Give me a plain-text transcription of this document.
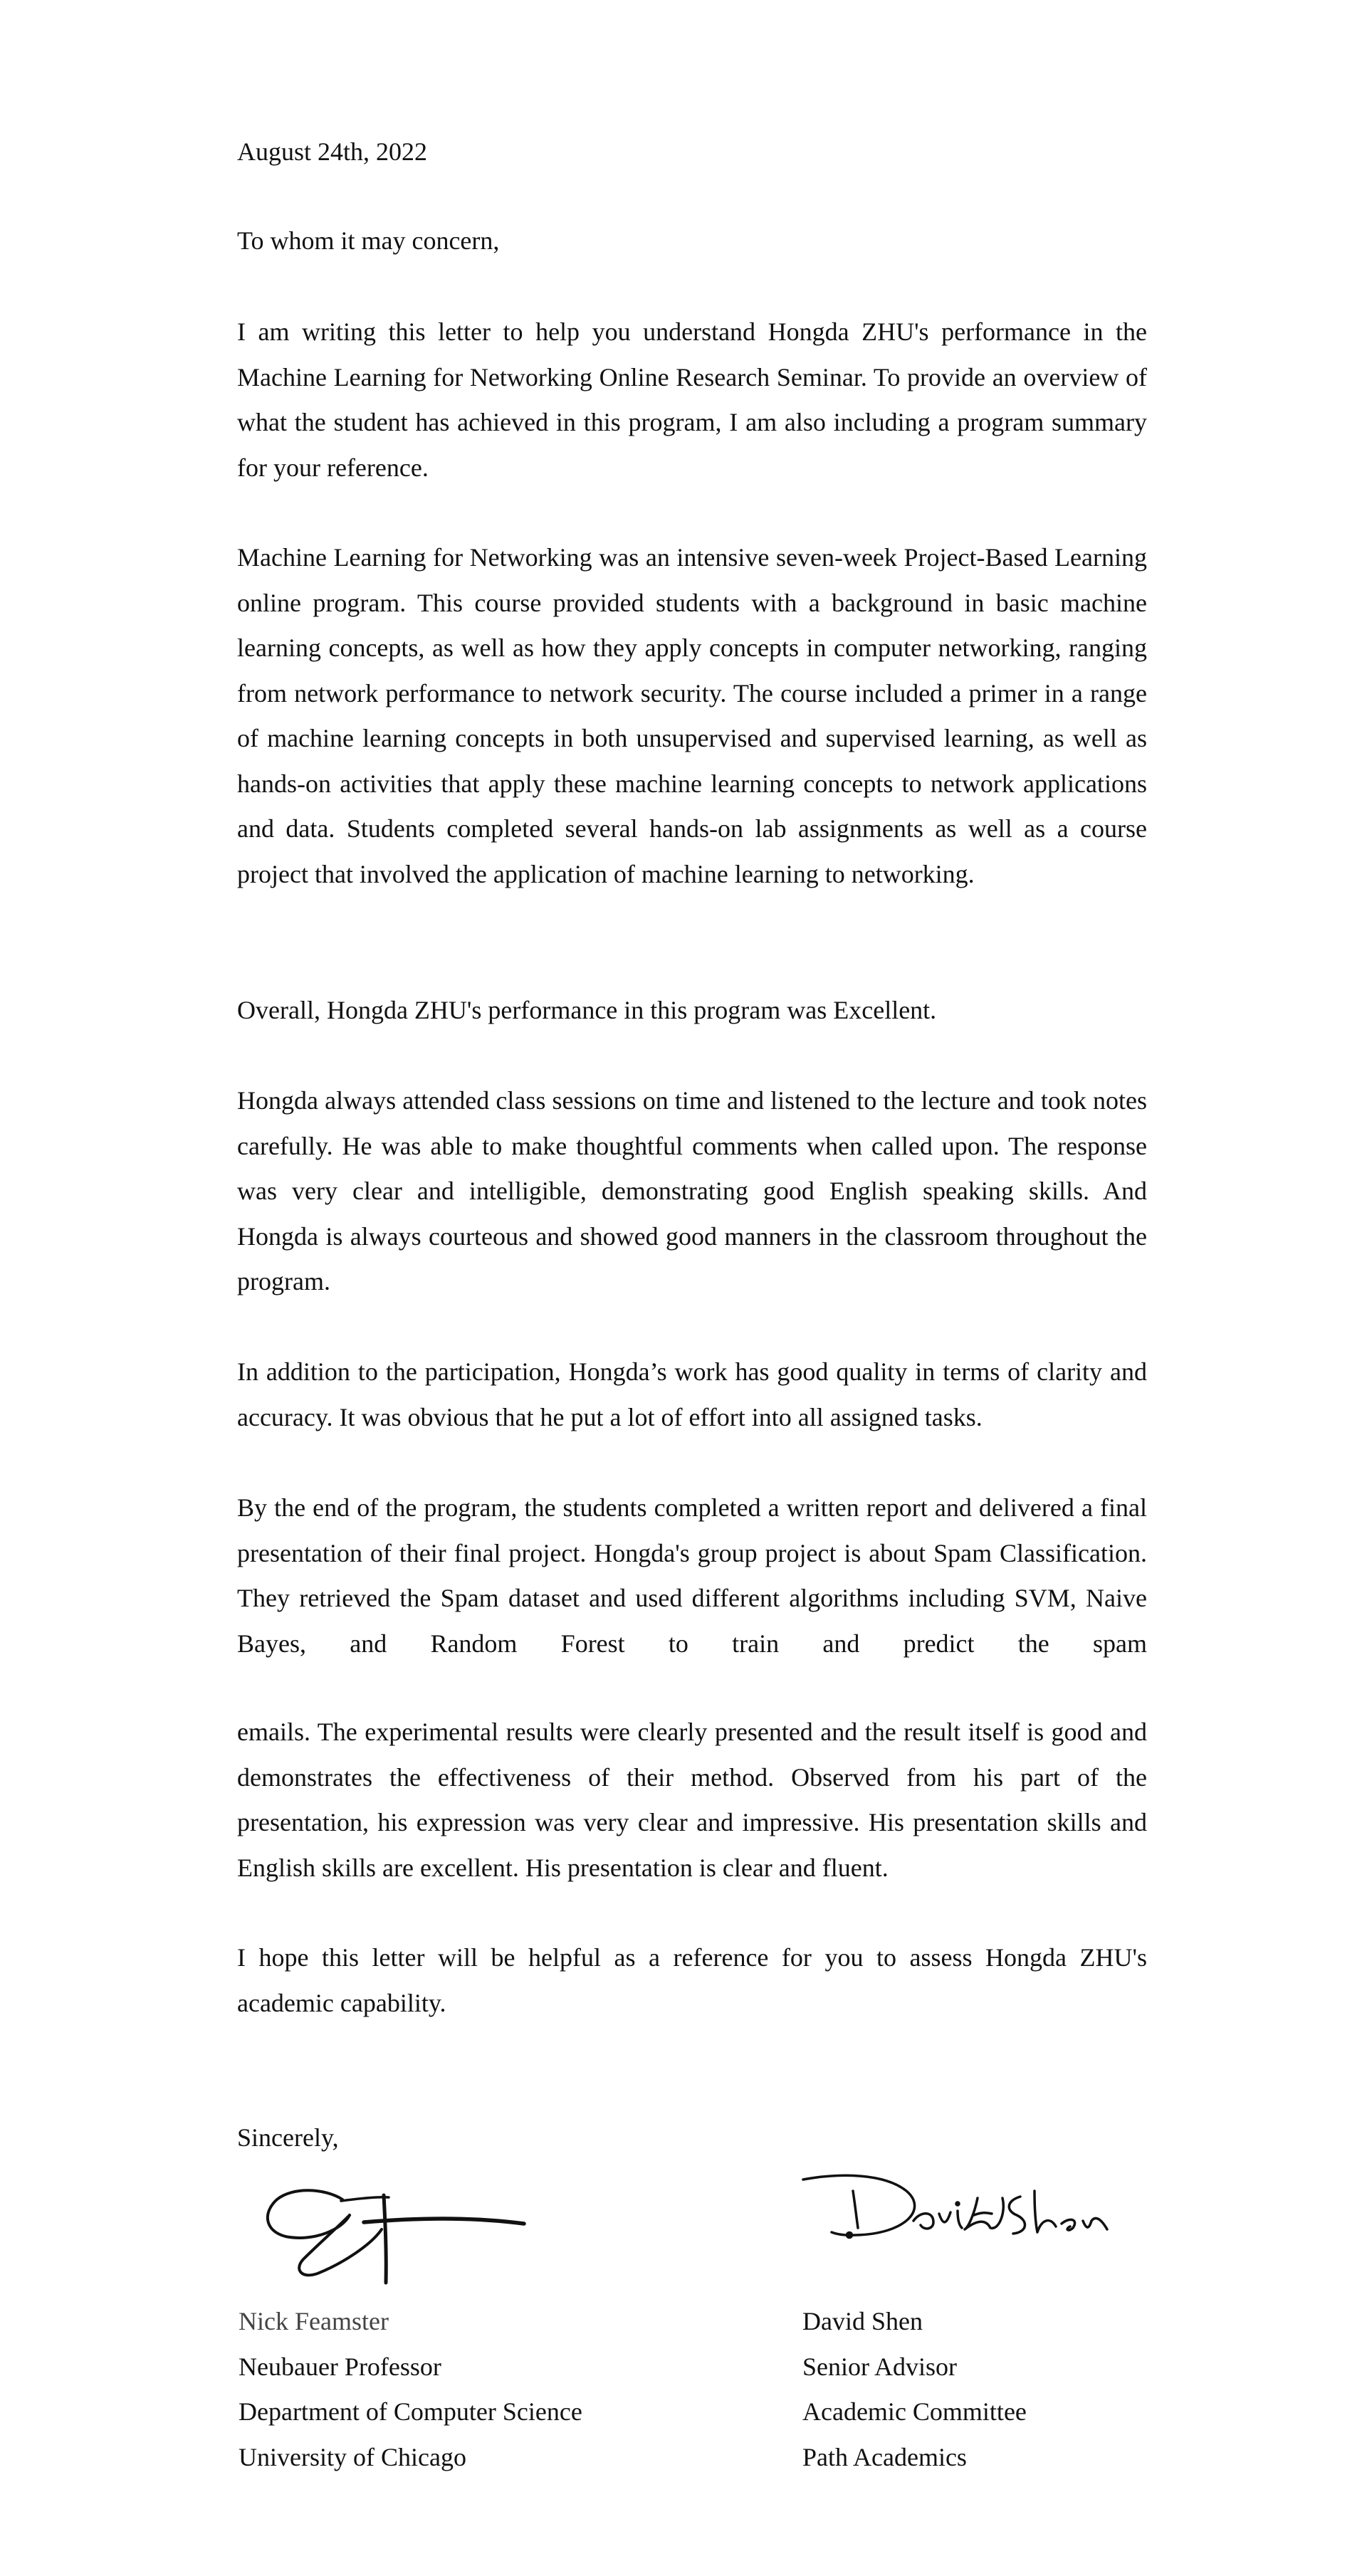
August 24th, 2022

To whom it may concern,

I am writing this letter to help you understand Hongda ZHU's performance in the Machine Learning for Networking Online Research Seminar. To provide an overview of what the student has achieved in this program, I am also including a program summary for your reference.

Machine Learning for Networking was an intensive seven-week Project-Based Learning online program. This course provided students with a background in basic machine learning concepts, as well as how they apply concepts in computer networking, ranging from network performance to network security. The course included a primer in a range of machine learning concepts in both unsupervised and supervised learning, as well as hands-on activities that apply these machine learning concepts to network applications and data. Students completed several hands-on lab assignments as well as a course project that involved the application of machine learning to networking.

Overall, Hongda ZHU's performance in this program was Excellent.

Hongda always attended class sessions on time and listened to the lecture and took notes carefully. He was able to make thoughtful comments when called upon. The response was very clear and intelligible, demonstrating good English speaking skills. And Hongda is always courteous and showed good manners in the classroom throughout the program.

In addition to the participation, Hongda’s work has good quality in terms of clarity and accuracy. It was obvious that he put a lot of effort into all assigned tasks.

By the end of the program, the students completed a written report and delivered a final presentation of their final project. Hongda's group project is about Spam Classification. They retrieved the Spam dataset and used different algorithms including SVM, Naive Bayes, and Random Forest to train and predict the spam

emails. The experimental results were clearly presented and the result itself is good and demonstrates the effectiveness of their method. Observed from his part of the presentation, his expression was very clear and impressive. His presentation skills and English skills are excellent. His presentation is clear and fluent.

I hope this letter will be helpful as a reference for you to assess Hongda ZHU's academic capability.

Sincerely,

Nick Feamster
Neubauer Professor
Department of Computer Science
University of Chicago
David Shen
Senior Advisor
Academic Committee
Path Academics
